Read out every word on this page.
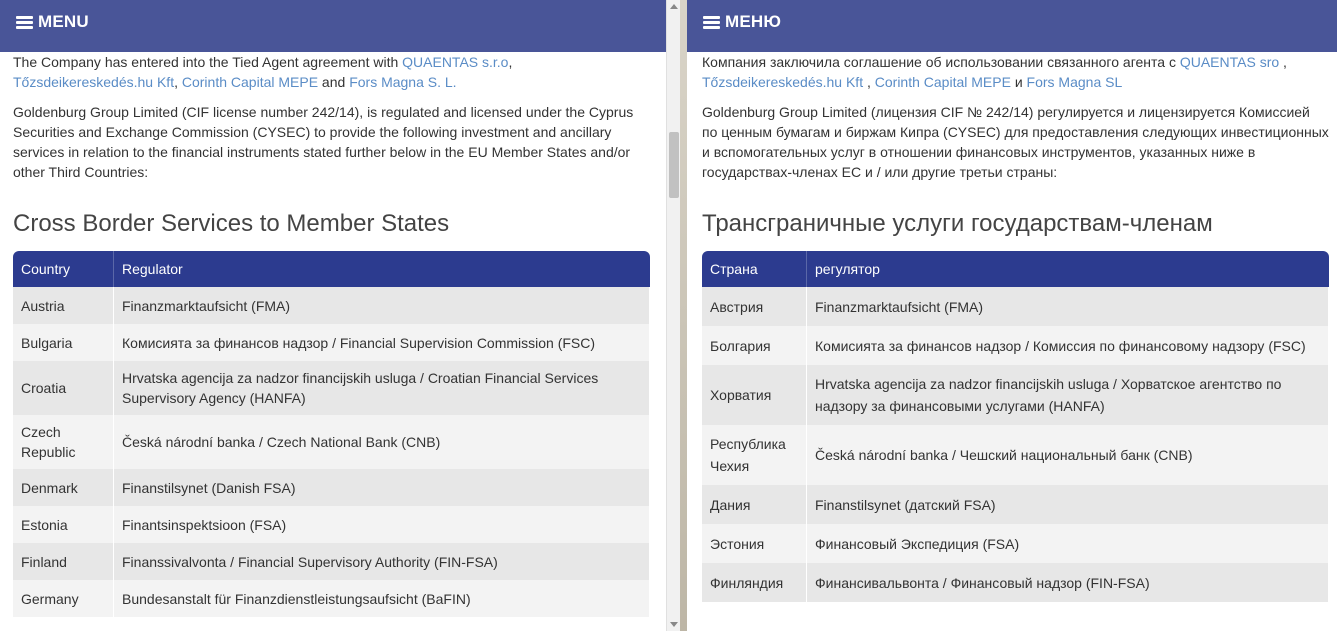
The Company has entered into the Tied Agent agreement with QUAENTAS s.r.o, Tőzsdeikereskedés.hu Kft, Corinth Capital MEPE and Fors Magna S. L.

Goldenburg Group Limited (CIF license number 242/14), is regulated and licensed under the Cyprus Securities and Exchange Commission (CYSEC) to provide the following investment and ancillary services in relation to the financial instruments stated further below in the EU Member States and/or other Third Countries:

Cross Border Services to Member States
Country	Regulator
Austria	Finanzmarktaufsicht (FMA)
Bulgaria	Комисията за финансов надзор / Financial Supervision Commission (FSC)
Croatia	Hrvatska agencija za nadzor financijskih usluga / Croatian Financial Services Supervisory Agency (HANFA)
Czech Republic	Česká národní banka / Czech National Bank (CNB)
Denmark	Finanstilsynet (Danish FSA)
Estonia	Finantsinspektsioon (FSA)
Finland	Finanssivalvonta / Financial Supervisory Authority (FIN-FSA)
Germany	Bundesanstalt für Finanzdienstleistungsaufsicht (BaFIN)
MENU

Компания заключила соглашение об использовании связанного агента с QUAENTAS sro , Tőzsdeikereskedés.hu Kft , Corinth Capital MEPE и Fors Magna SL

Goldenburg Group Limited (лицензия CIF № 242/14) регулируется и лицензируется Комиссией по ценным бумагам и биржам Кипра (CYSEC) для предоставления следующих инвестиционных и вспомогательных услуг в отношении финансовых инструментов, указанных ниже в государствах-членах ЕС и / или другие третьи страны:

Трансграничные услуги государствам-членам
Страна	регулятор
Австрия	Finanzmarktaufsicht (FMA)
Болгария	Комисията за финансов надзор / Комиссия по финансовому надзору (FSC)
Хорватия	Hrvatska agencija za nadzor financijskih usluga / Хорватское агентство по надзору за финансовыми услугами (HANFA)
Республика Чехия	Česká národní banka / Чешский национальный банк (CNB)
Дания	Finanstilsynet (датский FSA)
Эстония	Финансовый Экспедиция (FSA)
Финляндия	Финансивальвонта / Финансовый надзор (FIN-FSA)
МЕНЮ
